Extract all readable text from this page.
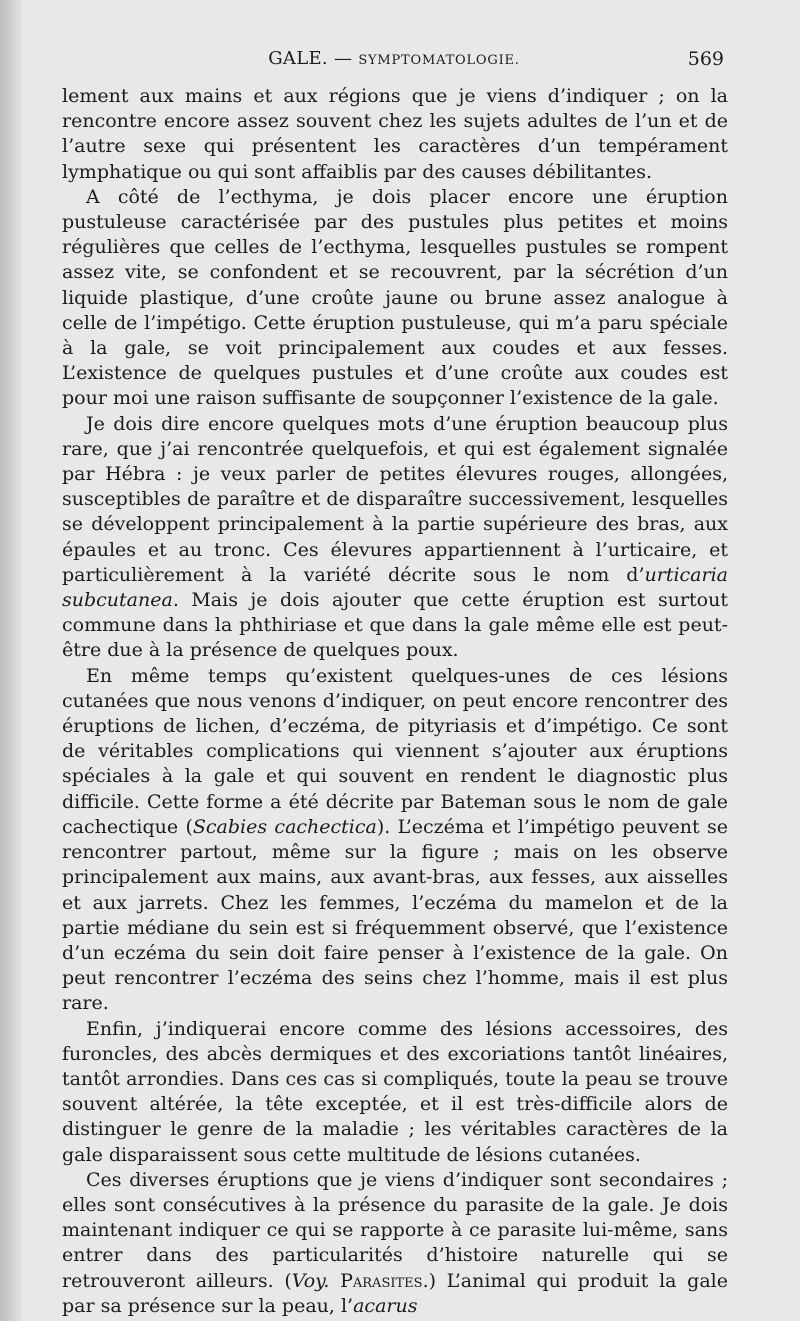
GALE. — SYMPTOMATOLOGIE.	569

lement aux mains et aux régions que je viens d’indiquer ; on la rencontre encore assez souvent chez les sujets adultes de l’un et de l’autre sexe qui présentent les caractères d’un tempérament lymphatique ou qui sont affaiblis par des causes débilitantes.

A côté de l’ecthyma, je dois placer encore une éruption pustuleuse caractérisée par des pustules plus petites et moins régulières que celles de l’ecthyma, lesquelles pustules se rompent assez vite, se confondent et se recouvrent, par la sécrétion d’un liquide plastique, d’une croûte jaune ou brune assez analogue à celle de l’impétigo. Cette éruption pustuleuse, qui m’a paru spéciale à la gale, se voit principalement aux coudes et aux fesses. L’existence de quelques pustules et d’une croûte aux coudes est pour moi une raison suffisante de soupçonner l’existence de la gale.

Je dois dire encore quelques mots d’une éruption beaucoup plus rare, que j’ai rencontrée quelquefois, et qui est également signalée par Hébra : je veux parler de petites élevures rouges, allongées, susceptibles de paraître et de disparaître successivement, lesquelles se développent principalement à la partie supérieure des bras, aux épaules et au tronc. Ces élevures appartiennent à l’urticaire, et particulièrement à la variété décrite sous le nom d’urticaria subcutanea. Mais je dois ajouter que cette éruption est surtout commune dans la phthiriase et que dans la gale même elle est peut-être due à la présence de quelques poux.

En même temps qu’existent quelques-unes de ces lésions cutanées que nous venons d’indiquer, on peut encore rencontrer des éruptions de lichen, d’eczéma, de pityriasis et d’impétigo. Ce sont de véritables complications qui viennent s’ajouter aux éruptions spéciales à la gale et qui souvent en rendent le diagnostic plus difficile. Cette forme a été décrite par Bateman sous le nom de gale cachectique (Scabies cachectica). L’eczéma et l’impétigo peuvent se rencontrer partout, même sur la figure ; mais on les observe principalement aux mains, aux avant-bras, aux fesses, aux aisselles et aux jarrets. Chez les femmes, l’eczéma du mamelon et de la partie médiane du sein est si fréquemment observé, que l’existence d’un eczéma du sein doit faire penser à l’existence de la gale. On peut rencontrer l’eczéma des seins chez l’homme, mais il est plus rare.

Enfin, j’indiquerai encore comme des lésions accessoires, des furoncles, des abcès dermiques et des excoriations tantôt linéaires, tantôt arrondies. Dans ces cas si compliqués, toute la peau se trouve souvent altérée, la tête exceptée, et il est très-difficile alors de distinguer le genre de la maladie ; les véritables caractères de la gale disparaissent sous cette multitude de lésions cutanées.

Ces diverses éruptions que je viens d’indiquer sont secondaires ; elles sont consécutives à la présence du parasite de la gale. Je dois maintenant indiquer ce qui se rapporte à ce parasite lui-même, sans entrer dans des particularités d’histoire naturelle qui se retrouveront ailleurs. (Voy. Parasites.) L’animal qui produit la gale par sa présence sur la peau, l’acarus
